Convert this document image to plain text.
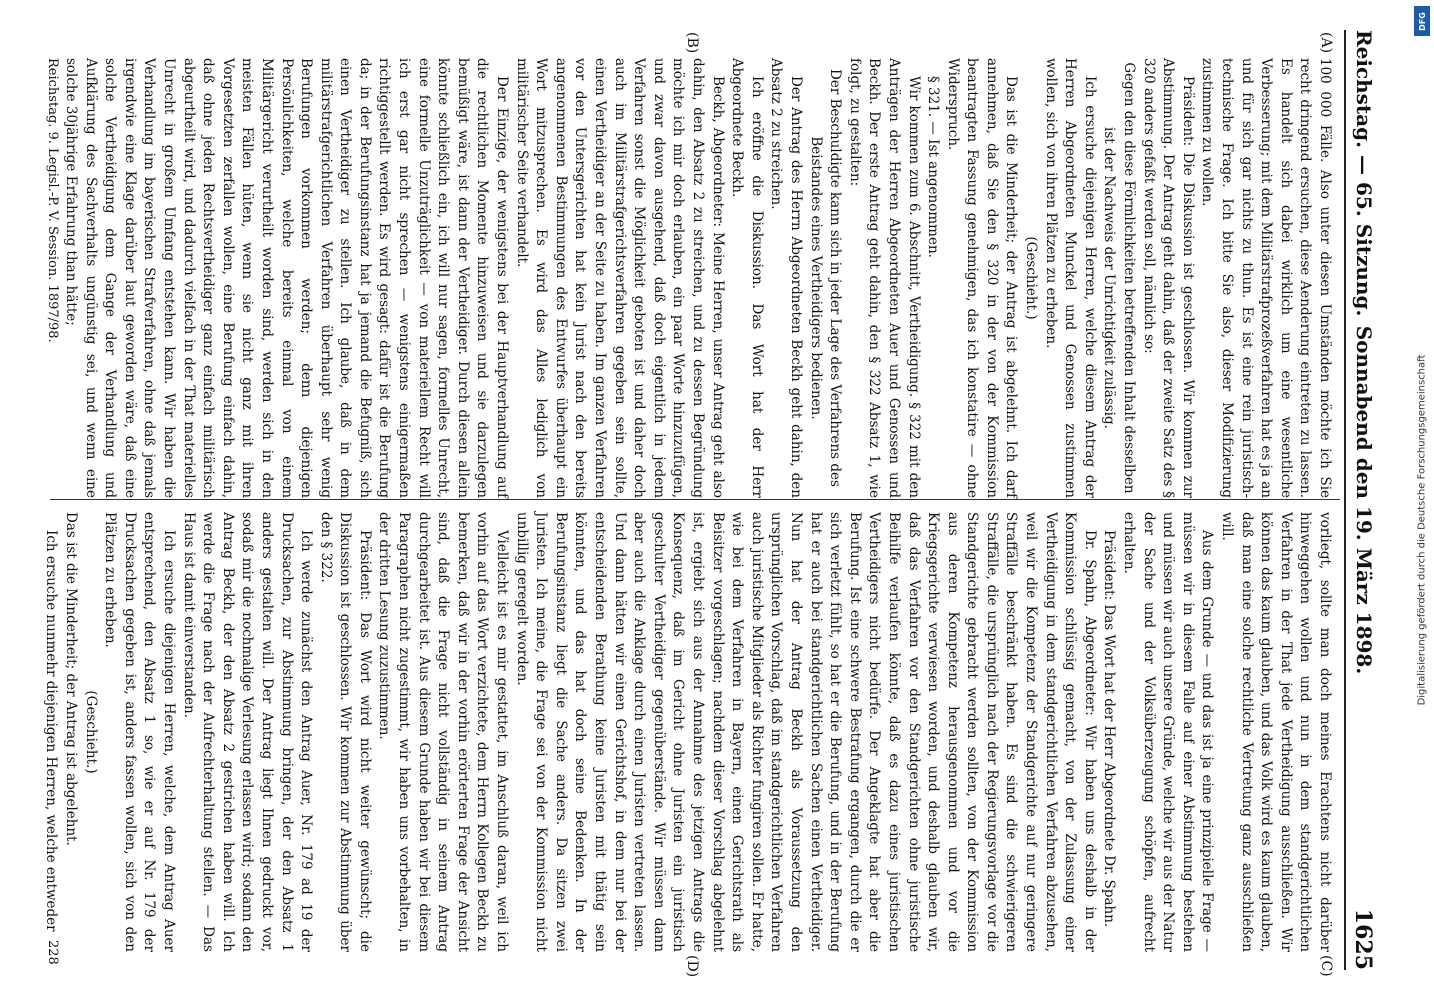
Reichstag. — 65. Sitzung.
Sonnabend den 19. März 1898.
1625
(A)
(B)
(C)
(D)

100 000 Fälle. Also unter diesen Umständen möchte ich Sie recht dringend ersuchen, diese Aenderung eintreten zu lassen. Es handelt sich dabei wirklich um eine wesentliche Verbesserung; mit dem Militärstrafprozeßverfahren hat es ja an und für sich gar nichts zu thun. Es ist eine rein juristisch-technische Frage. Ich bitte Sie also, dieser Modifizierung zustimmen zu wollen.

Präsident: Die Diskussion ist geschlossen. Wir kommen zur Abstimmung. Der Antrag geht dahin, daß der zweite Satz des § 320 anders gefaßt werden soll, nämlich so:

Gegen den diese Förmlichkeiten betreffenden Inhalt desselben ist der Nachweis der Unrichtigkeit zulässig.

Ich ersuche diejenigen Herren, welche diesem Antrag der Herren Abgeordneten Munckel und Genossen zustimmen wollen, sich von ihren Plätzen zu erheben.

(Geschieht.)

Das ist die Minderheit; der Antrag ist abgelehnt. Ich darf annehmen, daß Sie den § 320 in der von der Kommission beantragten Fassung genehmigen, das ich konstatire — ohne Widerspruch.

§ 321. — Ist angenommen.

Wir kommen zum 6. Abschnitt, Vertheidigung. § 322 mit den Anträgen der Herren Abgeordneten Auer und Genossen und Beckh. Der erste Antrag geht dahin, den § 322 Absatz 1, wie folgt, zu gestalten:

Der Beschuldigte kann sich in jeder Lage des Verfahrens des Beistandes eines Vertheidigers bedienen.

Der Antrag des Herrn Abgeordneten Beckh geht dahin, den Absatz 2 zu streichen.

Ich eröffne die Diskussion. Das Wort hat der Herr Abgeordnete Beckh.

Beckh, Abgeordneter: Meine Herren, unser Antrag geht also dahin, den Absatz 2 zu streichen, und zu dessen Begründung möchte ich mir doch erlauben, ein paar Worte hinzuzufügen, und zwar davon ausgehend, daß doch eigentlich in jedem Verfahren sonst die Möglichkeit geboten ist und daher doch auch im Militärstrafgerichtsverfahren gegeben sein sollte, einen Vertheidiger an der Seite zu haben. Im ganzen Verfahren vor den Untersgerichten hat kein Jurist nach den bereits angenommenen Bestimmungen des Entwurfes überhaupt ein Wort mitzusprechen. Es wird das Alles lediglich von militärischer Seite verhandelt.

Der Einzige, der wenigstens bei der Hauptverhandlung auf die rechtlichen Momente hinzuweisen und sie darzulegen bemüßigt wäre, ist dann der Vertheidiger. Durch diesen allein könnte schließlich ein, ich will nur sagen, formelles Unrecht, eine formelle Unzuträglichkeit — von materiellem Recht will ich erst gar nicht sprechen — wenigstens einigermaßen richtiggestellt werden. Es wird gesagt: dafür ist die Berufung da; in der Berufungsinstanz hat ja jemand die Befugniß, sich einen Vertheidiger zu stellen. Ich glaube, daß in dem militärstrafgerichtlichen Verfahren überhaupt sehr wenig Berufungen vorkommen werden; denn diejenigen Persönlichkeiten, welche bereits einmal von einem Militärgericht verurtheilt worden sind, werden sich in den meisten Fällen hüten, wenn sie nicht ganz mit ihren Vorgesetzten zerfallen wollen, eine Berufung einfach dahin, daß ohne jeden Rechtsvertheidiger ganz einfach militärisch abgeurtheilt wird, und dadurch vielfach in der That materielles Unrecht in großem Umfang entstehen kann. Wir haben die Verhandlung im bayerischen Strafverfahren, ohne daß jemals irgendwie eine Klage darüber laut geworden wäre, daß eine solche Vertheidigung dem Gange der Verhandlung und Aufklärung des Sachverhalts ungünstig sei, und wenn eine solche 30jährige Erfahrung than hätte;

vorliegt, sollte man doch meines Erachtens nicht darüber hinweggehen wollen und nun in dem standgerichtlichen Verfahren in der That jede Vertheidigung ausschließen. Wir können das kaum glauben, und das Volk wird es kaum glauben, daß man eine solche rechtliche Vertretung ganz ausschließen will.

Aus dem Grunde — und das ist ja eine prinzipielle Frage — müssen wir in diesem Falle auf einer Abstimmung bestehen und müssen wir auch unsere Gründe, welche wir aus der Natur der Sache und der Volksüberzeugung schöpfen, aufrecht erhalten.

Präsident: Das Wort hat der Herr Abgeordnete Dr. Spahn.

Dr. Spahn, Abgeordneter: Wir haben uns deshalb in der Kommission schlüssig gemacht, von der Zulassung einer Vertheidigung in dem standgerichtlichen Verfahren abzusehen, weil wir die Kompetenz der Standgerichte auf nur geringere Straffälle beschränkt haben. Es sind die schwierigeren Straffälle, die ursprünglich nach der Regierungsvorlage vor die Standgerichte gebracht werden sollten, von der Kommission aus deren Kompetenz herausgenommen und vor die Kriegsgerichte verwiesen worden, und deshalb glauben wir, daß das Verfahren vor den Standgerichten ohne juristische Beihilfe verlaufen könnte, daß es dazu eines juristischen Vertheidigers nicht bedürfe. Der Angeklagte hat aber die Berufung. Ist eine schwere Bestrafung ergangen, durch die er sich verletzt fühlt, so hat er die Berufung, und in der Berufung hat er auch bei standgerichtlichen Sachen einen Vertheidiger. Nun hat der Antrag Beckh als Voraussetzung den ursprünglichen Vorschlag, daß im standgerichtlichen Verfahren auch juristische Mitglieder als Richter fungiren sollen. Er hatte, wie bei dem Verfahren in Bayern, einen Gerichtsrath als Beisitzer vorgeschlagen; nachdem dieser Vorschlag abgelehnt ist, ergiebt sich aus der Annahme des jetzigen Antrags die Konsequenz, daß im Gericht ohne Juristen ein juristisch geschulter Vertheidiger gegenüberstände. Wir müssen dann aber auch die Anklage durch einen Juristen vertreten lassen. Und dann hätten wir einen Gerichtshof, in dem nur bei der entscheidenden Berathung keine Juristen mit thätig sein könnten, und das hat doch seine Bedenken. In der Berufungsinstanz liegt die Sache anders. Da sitzen zwei Juristen. Ich meine, die Frage sei von der Kommission nicht unbillig geregelt worden.

Vielleicht ist es mir gestattet, im Anschluß daran, weil ich vorhin auf das Wort verzichtete, dem Herrn Kollegen Beckh zu bemerken, daß wir in der vorhin erörterten Frage der Ansicht sind, daß die Frage nicht vollständig in seinem Antrag durchgearbeitet ist. Aus diesem Grunde haben wir bei diesem Paragraphen nicht zugestimmt, wir haben uns vorbehalten, in der dritten Lesung zuzustimmen.

Präsident: Das Wort wird nicht weiter gewünscht; die Diskussion ist geschlossen. Wir kommen zur Abstimmung über den § 322.

Ich werde zunächst den Antrag Auer, Nr. 179 ad 19 der Drucksachen, zur Abstimmung bringen, der den Absatz 1 anders gestalten will. Der Antrag liegt Ihnen gedruckt vor, sodaß mir die nochmalige Verlesung erlassen wird; sodann den Antrag Beckh, der den Absatz 2 gestrichen haben will. Ich werde die Frage nach der Aufrechterhaltung stellen. — Das Haus ist damit einverstanden.

Ich ersuche diejenigen Herren, welche, dem Antrag Auer entsprechend, den Absatz 1 so, wie er auf Nr. 179 der Drucksachen gegeben ist, anders fassen wollen, sich von den Plätzen zu erheben.

(Geschieht.)

Das ist die Minderheit; der Antrag ist abgelehnt.

Ich ersuche nunmehr diejenigen Herren, welche entweder

Reichstag. 9. Legisl.-P. V. Session. 1897/98.
228
DFG
Digitalisierung gefördert durch die Deutsche Forschungsgemeinschaft
